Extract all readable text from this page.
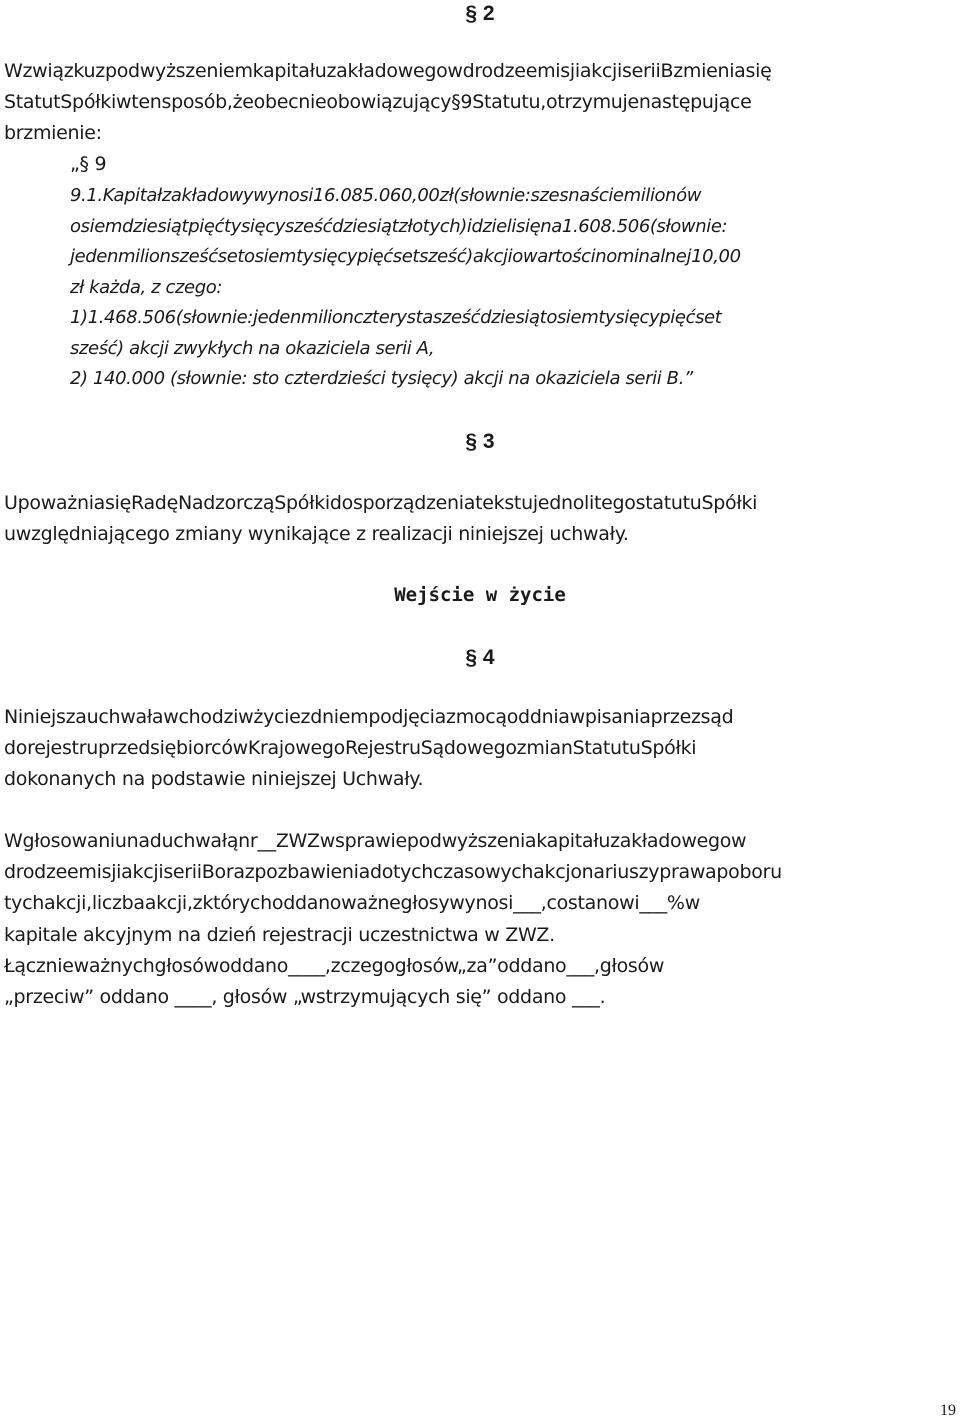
§ 2
WzwiązkuzpodwyższeniemkapitałuzakładowegowdrodzeemisjiakcjiseriiBzmieniasię
StatutSpółkiwtensposób,żeobecnieobowiązujący§9Statutu,otrzymujenastępujące
brzmienie:
„§ 9
9.1.Kapitałzakładowywynosi16.085.060,00zł(słownie:szesnaściemilionów
osiemdziesiątpięćtysięcysześćdziesiątzłotych)idzielisięna1.608.506(słownie:
jedenmilionsześćsetosiemtysięcypięćsetsześć)akcjiowartościnominalnej10,00
zł każda, z czego:
1)1.468.506(słownie:jedenmilionczterystasześćdziesiątosiemtysięcypięćset
sześć) akcji zwykłych na okaziciela serii A,
2) 140.000 (słownie: sto czterdzieści tysięcy) akcji na okaziciela serii B.”
§ 3
UpoważniasięRadęNadzorcząSpółkidosporządzeniatekstujednolitegostatutuSpółki
uwzględniającego zmiany wynikające z realizacji niniejszej uchwały.
Wejście w życie
§ 4
Niniejszauchwaławchodziwżyciezdniempodjęciazmocąoddniawpisaniaprzezsąd
dorejestruprzedsiębiorcówKrajowegoRejestruSądowegozmianStatutuSpółki
dokonanych na podstawie niniejszej Uchwały.
Wgłosowaniunaduchwałąnr__ZWZwsprawiepodwyższeniakapitałuzakładowegow
drodzeemisjiakcjiseriiBorazpozbawieniadotychczasowychakcjonariuszyprawapoboru
tychakcji,liczbaakcji,zktórychoddanoważnegłosywynosi___,costanowi___%w
kapitale akcyjnym na dzień rejestracji uczestnictwa w ZWZ.
Łącznieważnychgłosówoddano____,zczegogłosów„za”oddano___,głosów
„przeciw” oddano ____, głosów „wstrzymujących się” oddano ___.
19
